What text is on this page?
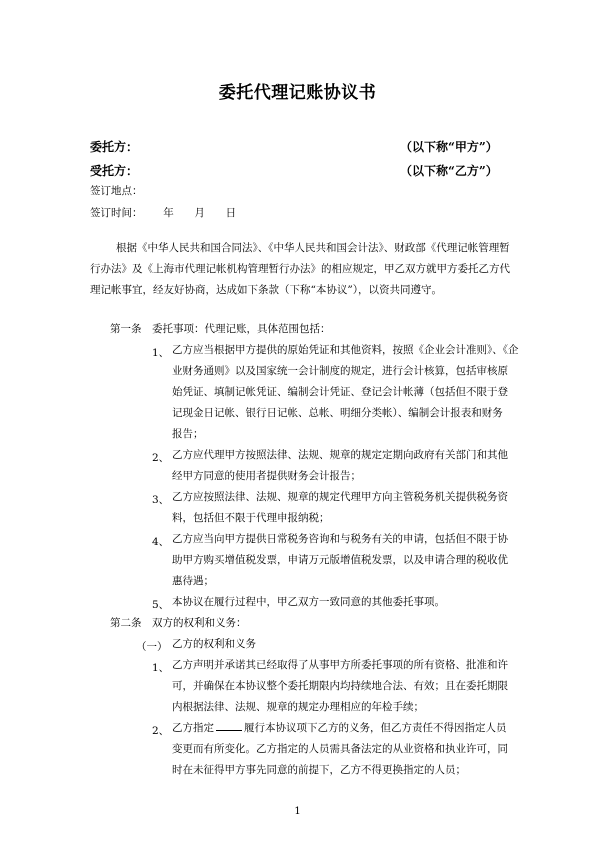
委托代理记账协议书
委托方：	（以下称“甲方”）
受托方：	（以下称“乙方”）
签订地点：
签订时间： 年 月 日
根据《中华人民共和国合同法》、《中华人民共和国会计法》、财政部《代理记帐管理暂
行办法》及《上海市代理记帐机构管理暂行办法》的相应规定，甲乙双方就甲方委托乙方代
理记帐事宜，经友好协商，达成如下条款（下称“本协议”），以资共同遵守。
第一条　委托事项：代理记账，具体范围包括：
1、 乙方应当根据甲方提供的原始凭证和其他资料，按照《企业会计准则》、《企
业财务通则》以及国家统一会计制度的规定，进行会计核算，包括审核原
始凭证、填制记帐凭证、编制会计凭证、登记会计帐薄（包括但不限于登
记现金日记帐、银行日记帐、总帐、明细分类帐）、编制会计报表和财务
报告；
2、 乙方应代理甲方按照法律、法规、规章的规定定期向政府有关部门和其他
经甲方同意的使用者提供财务会计报告；
3、 乙方应按照法律、法规、规章的规定代理甲方向主管税务机关提供税务资
料，包括但不限于代理申报纳税；
4、 乙方应当向甲方提供日常税务咨询和与税务有关的申请，包括但不限于协
助甲方购买增值税发票，申请万元版增值税发票，以及申请合理的税收优
惠待遇；
5、 本协议在履行过程中，甲乙双方一致同意的其他委托事项。
第二条　双方的权利和义务：
（一） 乙方的权利和义务
1、 乙方声明并承诺其已经取得了从事甲方所委托事项的所有资格、批准和许
可，并确保在本协议整个委托期限内均持续地合法、有效；且在委托期限
内根据法律、法规、规章的规定办理相应的年检手续；
2、 乙方指定	履行本协议项下乙方的义务，但乙方责任不得因指定人员
变更而有所变化。乙方指定的人员需具备法定的从业资格和执业许可，同
时在未征得甲方事先同意的前提下，乙方不得更换指定的人员；
1
